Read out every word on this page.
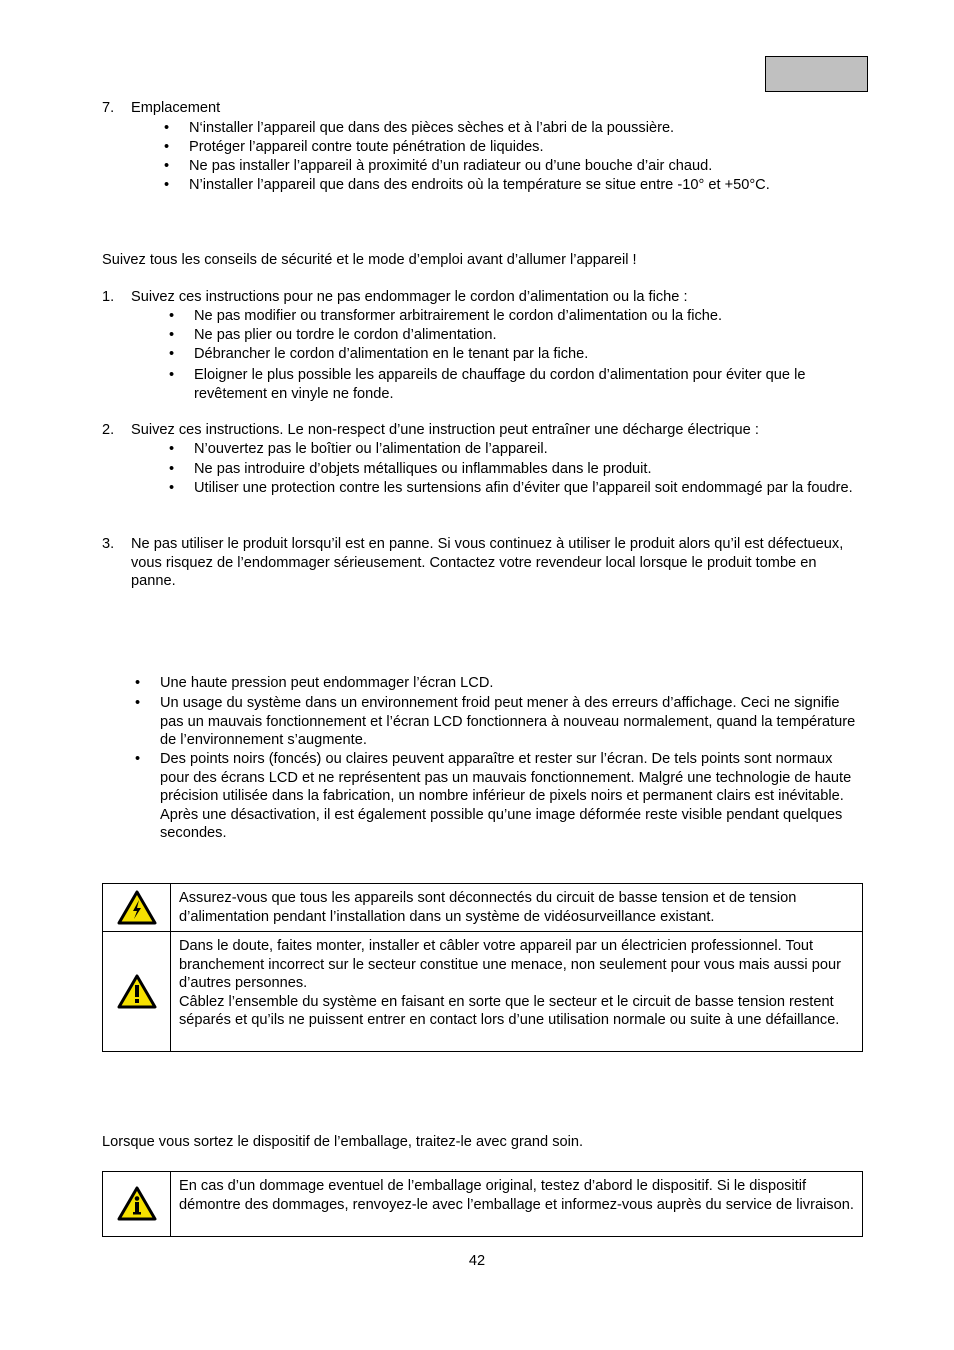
7. Emplacement
• N‘installer l’appareil que dans des pièces sèches et à l’abri de la poussière.
• Protéger l’appareil contre toute pénétration de liquides.
• Ne pas installer l’appareil à proximité d’un radiateur ou d’une bouche d’air chaud.
• N’installer l’appareil que dans des endroits où la température se situe entre -10° et +50°C.
Suivez tous les conseils de sécurité et le mode d’emploi avant d’allumer l’appareil !
1. Suivez ces instructions pour ne pas endommager le cordon d’alimentation ou la fiche :
• Ne pas modifier ou transformer arbitrairement le cordon d’alimentation ou la fiche.
• Ne pas plier ou tordre le cordon d’alimentation.
• Débrancher le cordon d’alimentation en le tenant par la fiche.
• Eloigner le plus possible les appareils de chauffage du cordon d’alimentation pour éviter que le revêtement en vinyle ne fonde.
2. Suivez ces instructions. Le non-respect d’une instruction peut entraîner une décharge électrique :
• N’ouvertez pas le boîtier ou l’alimentation de l’appareil.
• Ne pas introduire d’objets métalliques ou inflammables dans le produit.
• Utiliser une protection contre les surtensions afin d’éviter que l’appareil soit endommagé par la foudre.
3. Ne pas utiliser le produit lorsqu’il est en panne. Si vous continuez à utiliser le produit alors qu’il est défectueux, vous risquez de l’endommager sérieusement. Contactez votre revendeur local lorsque le produit tombe en panne.
• Une haute pression peut endommager l’écran LCD.
• Un usage du système dans un environnement froid peut mener à des erreurs d’affichage. Ceci ne signifie pas un mauvais fonctionnement et l’écran LCD fonctionnera à nouveau normalement, quand la température de l’environnement s’augmente.
• Des points noirs (foncés) ou claires peuvent apparaître et rester sur l’écran. De tels points sont normaux pour des écrans LCD et ne représentent pas un mauvais fonctionnement. Malgré une technologie de haute précision utilisée dans la fabrication, un nombre inférieur de pixels noirs et permanent clairs est inévitable. Après une désactivation, il est également possible qu’une image déformée reste visible pendant quelques secondes.
Assurez-vous que tous les appareils sont déconnectés du circuit de basse tension et de tension d’alimentation pendant l’installation dans un système de vidéosurveillance existant.

Dans le doute, faites monter, installer et câbler votre appareil par un électricien professionnel. Tout branchement incorrect sur le secteur constitue une menace, non seulement pour vous mais aussi pour d’autres personnes.

Câblez l’ensemble du système en faisant en sorte que le secteur et le circuit de basse tension restent séparés et qu’ils ne puissent entrer en contact lors d’une utilisation normale ou suite à une défaillance.

Lorsque vous sortez le dispositif de l’emballage, traitez-le avec grand soin.
En cas d’un dommage eventuel de l’emballage original, testez d’abord le dispositif. Si le dispositif démontre des dommages, renvoyez-le avec l’emballage et informez-vous auprès du service de livraison.
42
